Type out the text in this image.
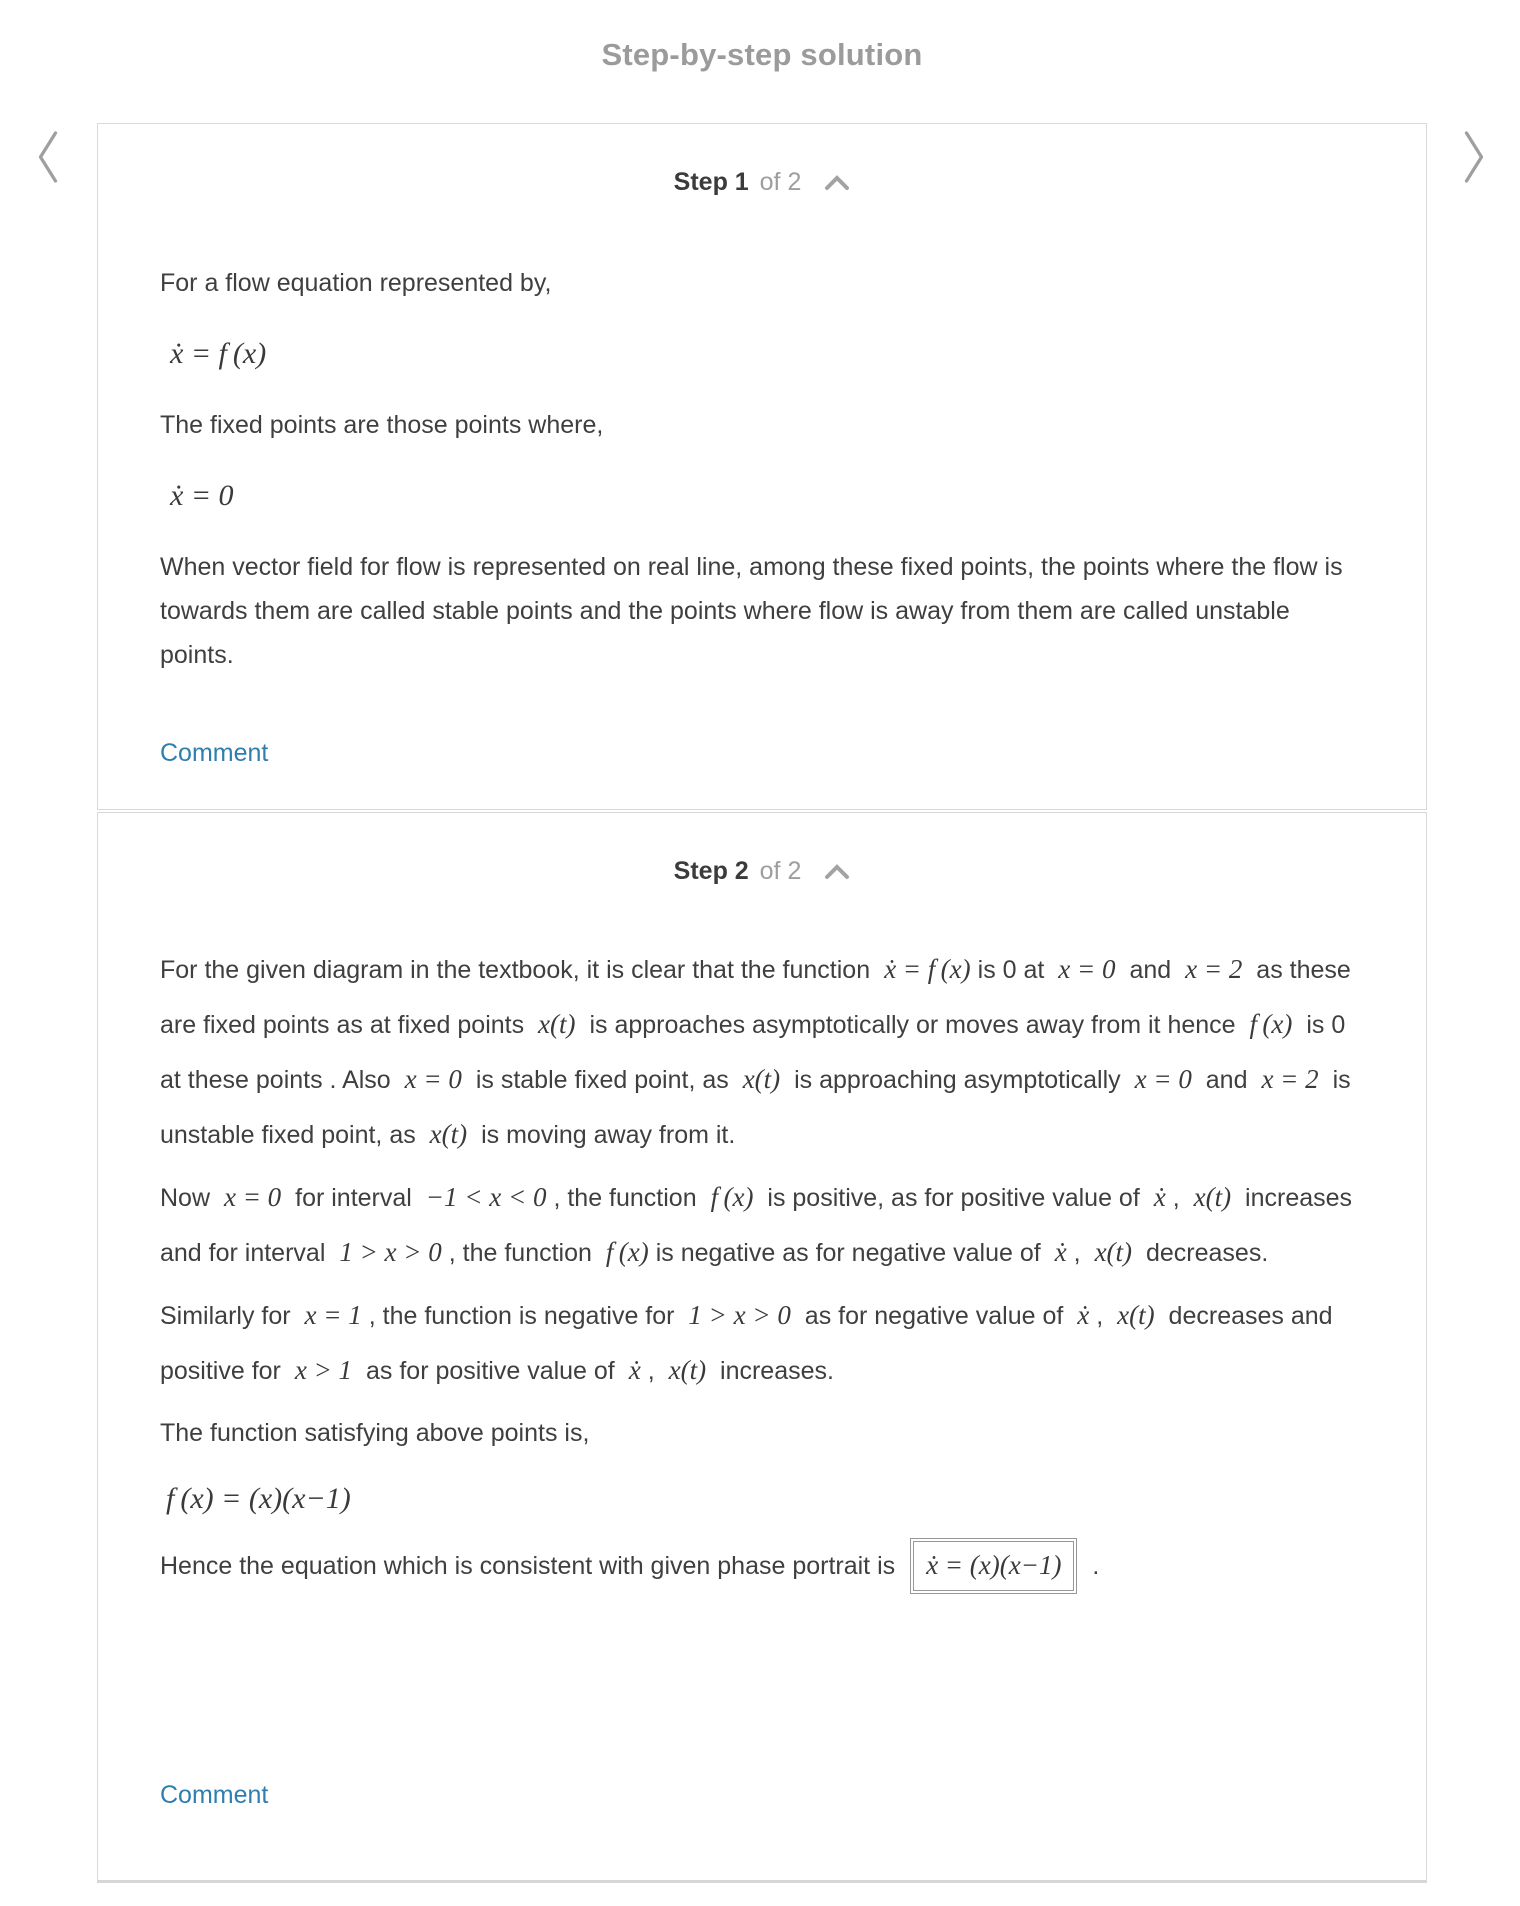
Step-by-step solution
Step 1 of 2

For a flow equation represented by,

ẋ = f (x)

The fixed points are those points where,

ẋ = 0

When vector field for flow is represented on real line, among these fixed points, the points where the flow is towards them are called stable points and the points where flow is away from them are called unstable points.

Comment
Step 2 of 2

For the given diagram in the textbook, it is clear that the function ẋ = f (x) is 0 at x = 0 and x = 2 as these are fixed points as at fixed points x(t) is approaches asymptotically or moves away from it hence f (x) is 0 at these points . Also x = 0 is stable fixed point, as x(t) is approaching asymptotically x = 0 and x = 2 is unstable fixed point, as x(t) is moving away from it.

Now x = 0 for interval −1 < x < 0 , the function f (x) is positive, as for positive value of ẋ , x(t) increases and for interval 1 > x > 0 , the function f (x) is negative as for negative value of ẋ , x(t) decreases.

Similarly for x = 1 , the function is negative for 1 > x > 0 as for negative value of ẋ , x(t) decreases and positive for x > 1 as for positive value of ẋ , x(t) increases.

The function satisfying above points is,

f (x) = (x)(x−1)

Hence the equation which is consistent with given phase portrait is ẋ = (x)(x−1) .

Comment
